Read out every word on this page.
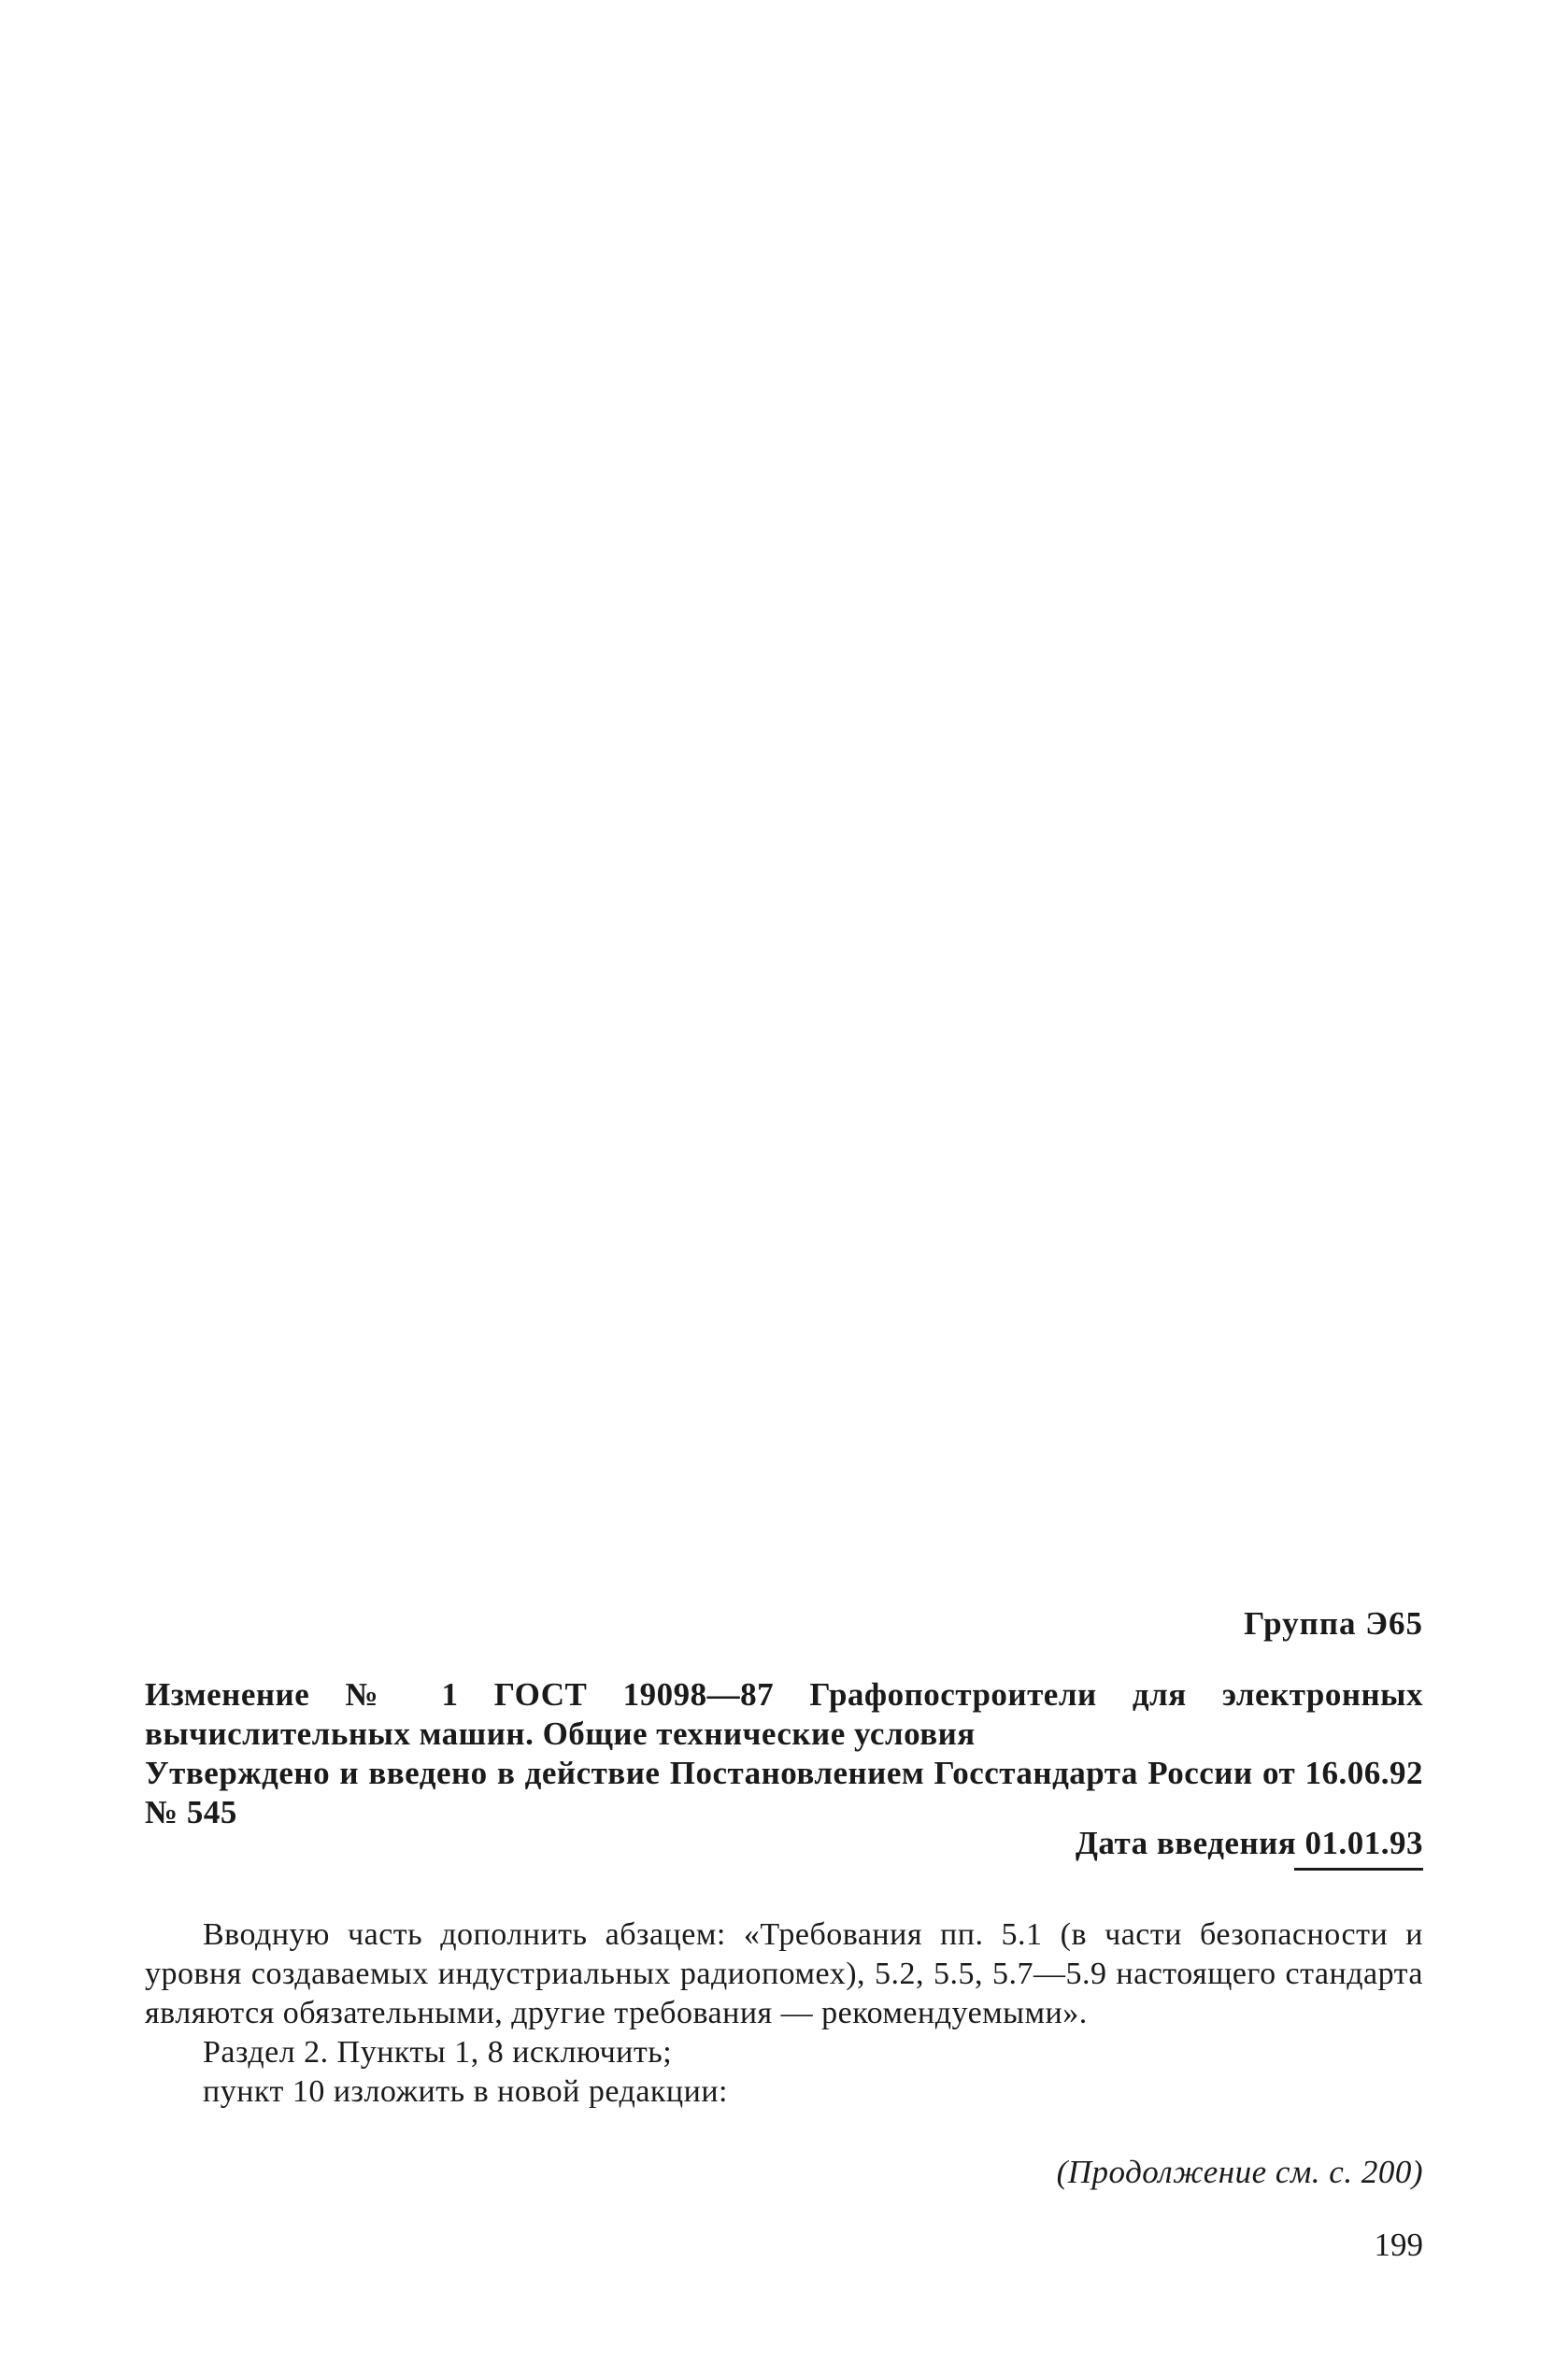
Группа Э65
Изменение № 1 ГОСТ 19098—87 Графопостроители для электронных вычислительных машин. Общие технические условия
Утверждено и введено в действие Постановлением Госстандарта России от 16.06.92 № 545
Дата введения 01.01.93

Вводную часть дополнить абзацем: «Требования пп. 5.1 (в части безопасности и уровня создаваемых индустриальных радиопомех), 5.2, 5.5, 5.7—5.9 настоящего стандарта являются обязательными, другие требования — рекомендуемыми».

Раздел 2. Пункты 1, 8 исключить;

пункт 10 изложить в новой редакции:

(Продолжение см. с. 200)
199
